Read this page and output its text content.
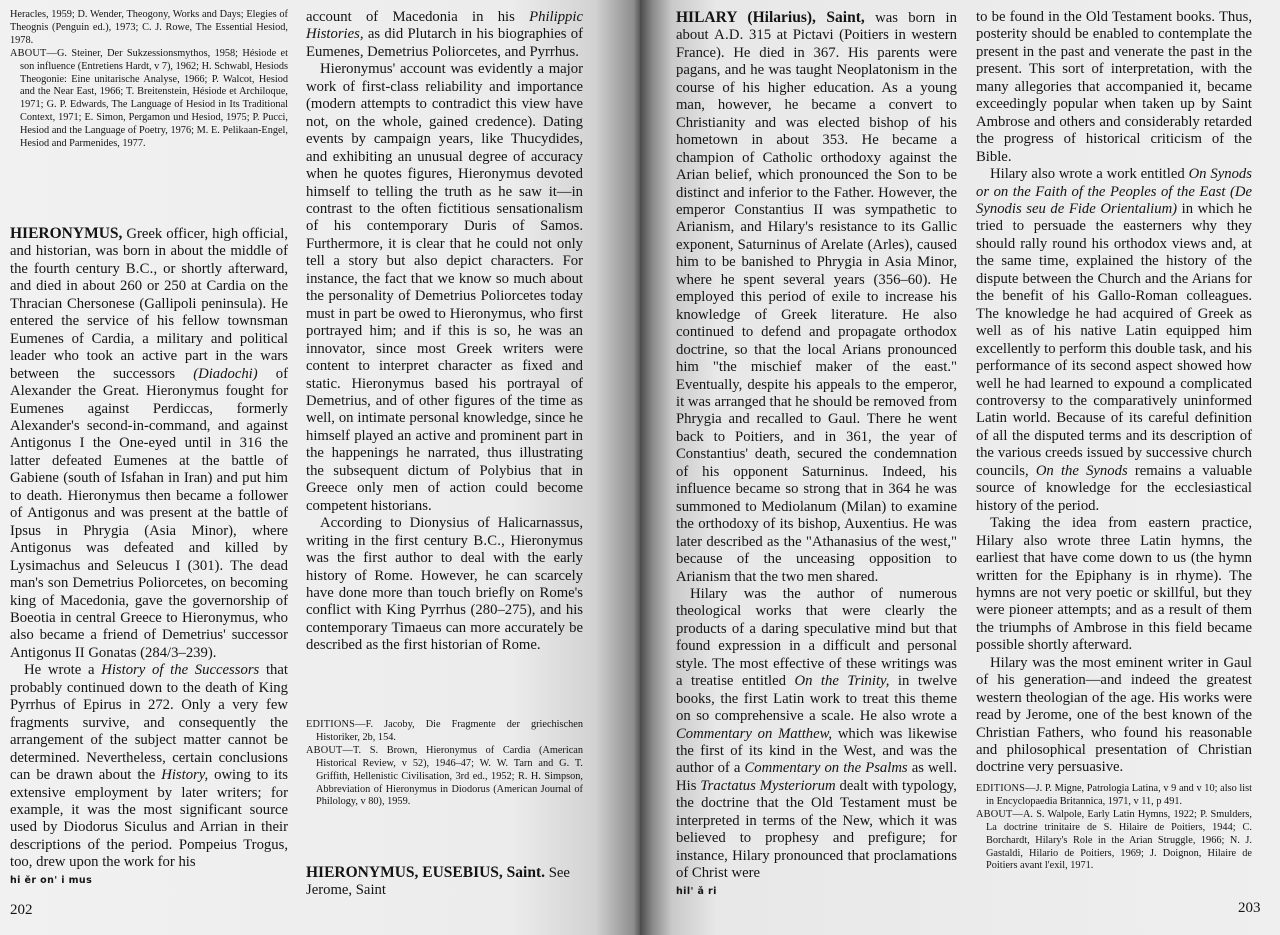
Heracles, 1959; D. Wender, Theogony, Works and Days; Elegies of Theognis (Penguin ed.), 1973; C. J. Rowe, The Essential Hesiod, 1978.

ABOUT—G. Steiner, Der Sukzessionsmythos, 1958; Hésiode et son influence (Entretiens Hardt, v 7), 1962; H. Schwabl, Hesiods Theogonie: Eine unitarische Analyse, 1966; P. Walcot, Hesiod and the Near East, 1966; T. Breitenstein, Hésiode et Archiloque, 1971; G. P. Edwards, The Language of Hesiod in Its Traditional Context, 1971; E. Simon, Pergamon und Hesiod, 1975; P. Pucci, Hesiod and the Language of Poetry, 1976; M. E. Pelikaan-Engel, Hesiod and Parmenides, 1977.

HIERONYMUS, Greek officer, high official, and historian, was born in about the middle of the fourth century B.C., or shortly afterward, and died in about 260 or 250 at Cardia on the Thracian Chersonese (Gallipoli peninsula). He entered the service of his fellow townsman Eumenes of Cardia, a military and political leader who took an active part in the wars between the successors (Diadochi) of Alexander the Great. Hieronymus fought for Eumenes against Perdiccas, formerly Alexander's second-in-command, and against Antigonus I the One-eyed until in 316 the latter defeated Eumenes at the battle of Gabiene (south of Isfahan in Iran) and put him to death. Hieronymus then became a follower of Antigonus and was present at the battle of Ipsus in Phrygia (Asia Minor), where Antigonus was defeated and killed by Lysimachus and Seleucus I (301). The dead man's son Demetrius Poliorcetes, on becoming king of Macedonia, gave the governorship of Boeotia in central Greece to Hieronymus, who also became a friend of Demetrius' successor Antigonus II Gonatas (284/3–239).

He wrote a History of the Successors that probably continued down to the death of King Pyrrhus of Epirus in 272. Only a very few fragments survive, and consequently the arrangement of the subject matter cannot be determined. Nevertheless, certain conclusions can be drawn about the History, owing to its extensive employment by later writers; for example, it was the most significant source used by Diodorus Siculus and Arrian in their descriptions of the period. Pompeius Trogus, too, drew upon the work for his

hi ĕr on' i mus

account of Macedonia in his Philippic Histories, as did Plutarch in his biographies of Eumenes, Demetrius Poliorcetes, and Pyrrhus.

Hieronymus' account was evidently a major work of first-class reliability and importance (modern attempts to contradict this view have not, on the whole, gained credence). Dating events by campaign years, like Thucydides, and exhibiting an unusual degree of accuracy when he quotes figures, Hieronymus devoted himself to telling the truth as he saw it—in contrast to the often fictitious sensationalism of his contemporary Duris of Samos. Furthermore, it is clear that he could not only tell a story but also depict characters. For instance, the fact that we know so much about the personality of Demetrius Poliorcetes today must in part be owed to Hieronymus, who first portrayed him; and if this is so, he was an innovator, since most Greek writers were content to interpret character as fixed and static. Hieronymus based his portrayal of Demetrius, and of other figures of the time as well, on intimate personal knowledge, since he himself played an active and prominent part in the happenings he narrated, thus illustrating the subsequent dictum of Polybius that in Greece only men of action could become competent historians.

According to Dionysius of Halicarnassus, writing in the first century B.C., Hieronymus was the first author to deal with the early history of Rome. However, he can scarcely have done more than touch briefly on Rome's conflict with King Pyrrhus (280–275), and his contemporary Timaeus can more accurately be described as the first historian of Rome.

EDITIONS—F. Jacoby, Die Fragmente der griechischen Historiker, 2b, 154.

ABOUT—T. S. Brown, Hieronymus of Cardia (American Historical Review, v 52), 1946–47; W. W. Tarn and G. T. Griffith, Hellenistic Civilisation, 3rd ed., 1952; R. H. Simpson, Abbreviation of Hieronymus in Diodorus (American Journal of Philology, v 80), 1959.

HIERONYMUS, EUSEBIUS, Saint. See Jerome, Saint
202

HILARY (Hilarius), Saint, was born in about A.D. 315 at Pictavi (Poitiers in western France). He died in 367. His parents were pagans, and he was taught Neoplatonism in the course of his higher education. As a young man, however, he became a convert to Christianity and was elected bishop of his hometown in about 353. He became a champion of Catholic orthodoxy against the Arian belief, which pronounced the Son to be distinct and inferior to the Father. However, the emperor Constantius II was sympathetic to Arianism, and Hilary's resistance to its Gallic exponent, Saturninus of Arelate (Arles), caused him to be banished to Phrygia in Asia Minor, where he spent several years (356–60). He employed this period of exile to increase his knowledge of Greek literature. He also continued to defend and propagate orthodox doctrine, so that the local Arians pronounced him "the mischief maker of the east." Eventually, despite his appeals to the emperor, it was arranged that he should be removed from Phrygia and recalled to Gaul. There he went back to Poitiers, and in 361, the year of Constantius' death, secured the condemnation of his opponent Saturninus. Indeed, his influence became so strong that in 364 he was summoned to Mediolanum (Milan) to examine the orthodoxy of its bishop, Auxentius. He was later described as the "Athanasius of the west," because of the unceasing opposition to Arianism that the two men shared.

Hilary was the author of numerous theological works that were clearly the products of a daring speculative mind but that found expression in a difficult and personal style. The most effective of these writings was a treatise entitled On the Trinity, in twelve books, the first Latin work to treat this theme on so comprehensive a scale. He also wrote a Commentary on Matthew, which was likewise the first of its kind in the West, and was the author of a Commentary on the Psalms as well. His Tractatus Mysteriorum dealt with typology, the doctrine that the Old Testament must be interpreted in terms of the New, which it was believed to prophesy and prefigure; for instance, Hilary pronounced that proclamations of Christ were

hil' ǎ ri

to be found in the Old Testament books. Thus, posterity should be enabled to contemplate the present in the past and venerate the past in the present. This sort of interpretation, with the many allegories that accompanied it, became exceedingly popular when taken up by Saint Ambrose and others and considerably retarded the progress of historical criticism of the Bible.

Hilary also wrote a work entitled On Synods or on the Faith of the Peoples of the East (De Synodis seu de Fide Orientalium) in which he tried to persuade the easterners why they should rally round his orthodox views and, at the same time, explained the history of the dispute between the Church and the Arians for the benefit of his Gallo-Roman colleagues. The knowledge he had acquired of Greek as well as of his native Latin equipped him excellently to perform this double task, and his performance of its second aspect showed how well he had learned to expound a complicated controversy to the comparatively uninformed Latin world. Because of its careful definition of all the disputed terms and its description of the various creeds issued by successive church councils, On the Synods remains a valuable source of knowledge for the ecclesiastical history of the period.

Taking the idea from eastern practice, Hilary also wrote three Latin hymns, the earliest that have come down to us (the hymn written for the Epiphany is in rhyme). The hymns are not very poetic or skillful, but they were pioneer attempts; and as a result of them the triumphs of Ambrose in this field became possible shortly afterward.

Hilary was the most eminent writer in Gaul of his generation—and indeed the greatest western theologian of the age. His works were read by Jerome, one of the best known of the Christian Fathers, who found his reasonable and philosophical presentation of Christian doctrine very persuasive.

EDITIONS—J. P. Migne, Patrologia Latina, v 9 and v 10; also list in Encyclopaedia Britannica, 1971, v 11, p 491.

ABOUT—A. S. Walpole, Early Latin Hymns, 1922; P. Smulders, La doctrine trinitaire de S. Hilaire de Poitiers, 1944; C. Borchardt, Hilary's Role in the Arian Struggle, 1966; N. J. Gastaldi, Hilario de Poitiers, 1969; J. Doignon, Hilaire de Poitiers avant l'exil, 1971.

203
